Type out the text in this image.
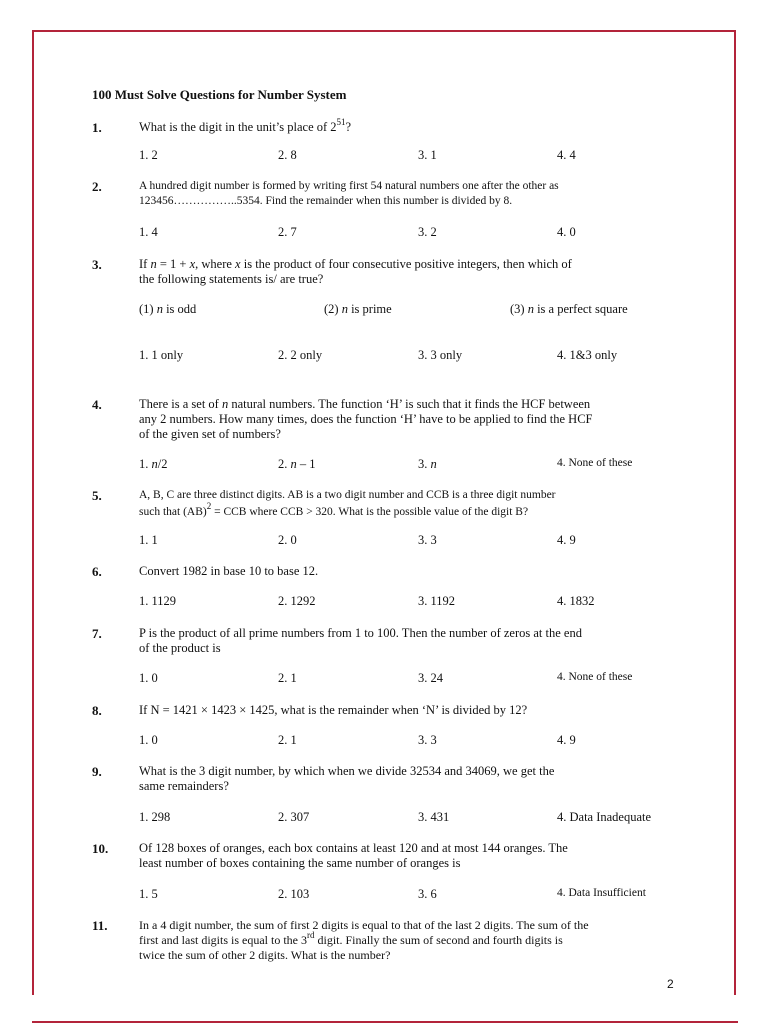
100 Must Solve Questions for Number System
1.	What is the digit in the unit’s place of $2^{51}$?
1. 2	2. 8	3. 1	4. 4
2.	A hundred digit number is formed by writing first 54 natural numbers one after the other as
123456……………..5354. Find the remainder when this number is divided by 8.
1. 4	2. 7	3. 2	4. 0
3.	If n = 1 + x, where x is the product of four consecutive positive integers, then which of
the following statements is/ are true?
(1) n is odd	(2) n is prime	(3) n is a perfect square
1. 1 only	2. 2 only	3. 3 only	4. 1&3 only
4.	There is a set of n natural numbers. The function ‘H’ is such that it finds the HCF between
any 2 numbers. How many times, does the function ‘H’ have to be applied to find the HCF
of the given set of numbers?
1. n/2	2. n – 1	3. n	4. None of these
5.	A, B, C are three distinct digits. AB is a two digit number and CCB is a three digit number
such that (AB)$^2$ = CCB where CCB > 320. What is the possible value of the digit B?
1. 1	2. 0	3. 3	4. 9
6.	Convert 1982 in base 10 to base 12.
1. 1129	2. 1292	3. 1192	4. 1832
7.	P is the product of all prime numbers from 1 to 100. Then the number of zeros at the end
of the product is
1. 0	2. 1	3. 24	4. None of these
8.	If N = 1421 × 1423 × 1425, what is the remainder when ‘N’ is divided by 12?
1. 0	2. 1	3. 3	4. 9
9.	What is the 3 digit number, by which when we divide 32534 and 34069, we get the
same remainders?
1. 298	2. 307	3. 431	4. Data Inadequate
10. Of 128 boxes of oranges, each box contains at least 120 and at most 144 oranges. The
least number of boxes containing the same number of oranges is
1. 5	2. 103	3. 6	4. Data Insufficient
11.	In a 4 digit number, the sum of first 2 digits is equal to that of the last 2 digits. The sum of the
first and last digits is equal to the 3rd digit. Finally the sum of second and fourth digits is
twice the sum of other 2 digits. What is the number?
2
